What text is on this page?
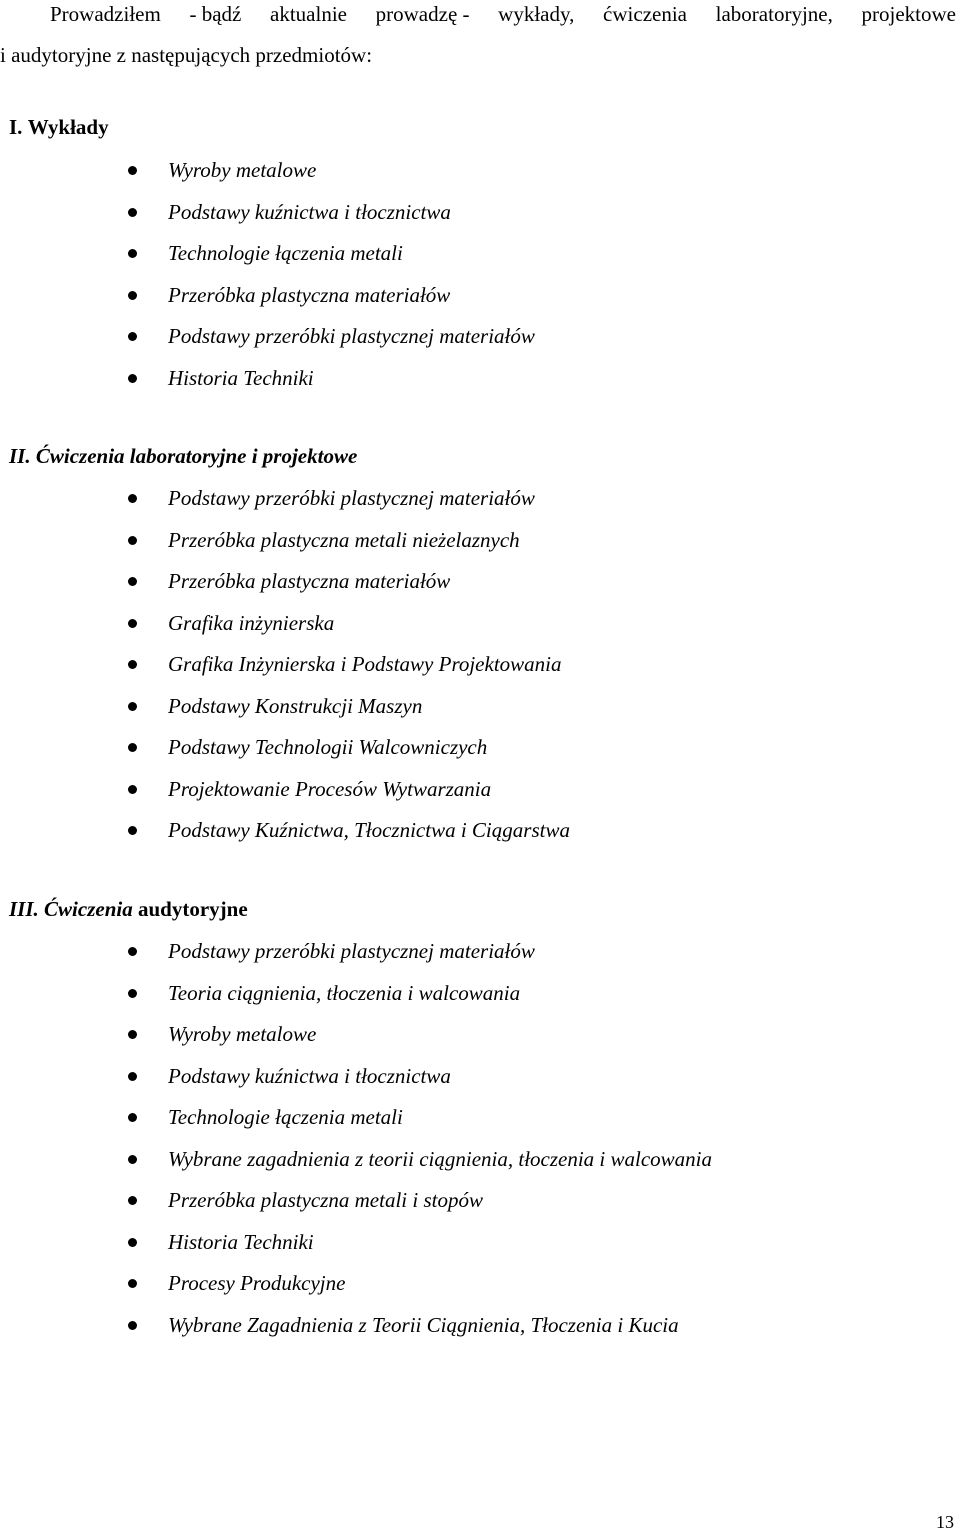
Prowadziłem - bądź aktualnie prowadzę - wykłady, ćwiczenia laboratoryjne, projektowe
i audytoryjne z następujących przedmiotów:
I. Wykłady
Wyroby metalowe
Podstawy kuźnictwa i tłocznictwa
Technologie łączenia metali
Przeróbka plastyczna materiałów
Podstawy przeróbki plastycznej materiałów
Historia Techniki
II. Ćwiczenia laboratoryjne i projektowe
Podstawy przeróbki plastycznej materiałów
Przeróbka plastyczna metali nieżelaznych
Przeróbka plastyczna materiałów
Grafika inżynierska
Grafika Inżynierska i Podstawy Projektowania
Podstawy Konstrukcji Maszyn
Podstawy Technologii Walcowniczych
Projektowanie Procesów Wytwarzania
Podstawy Kuźnictwa, Tłocznictwa i Ciągarstwa
III. Ćwiczenia audytoryjne
Podstawy przeróbki plastycznej materiałów
Teoria ciągnienia, tłoczenia i walcowania
Wyroby metalowe
Podstawy kuźnictwa i tłocznictwa
Technologie łączenia metali
Wybrane zagadnienia z teorii ciągnienia, tłoczenia i walcowania
Przeróbka plastyczna metali i stopów
Historia Techniki
Procesy Produkcyjne
Wybrane Zagadnienia z Teorii Ciągnienia, Tłoczenia i Kucia
13
